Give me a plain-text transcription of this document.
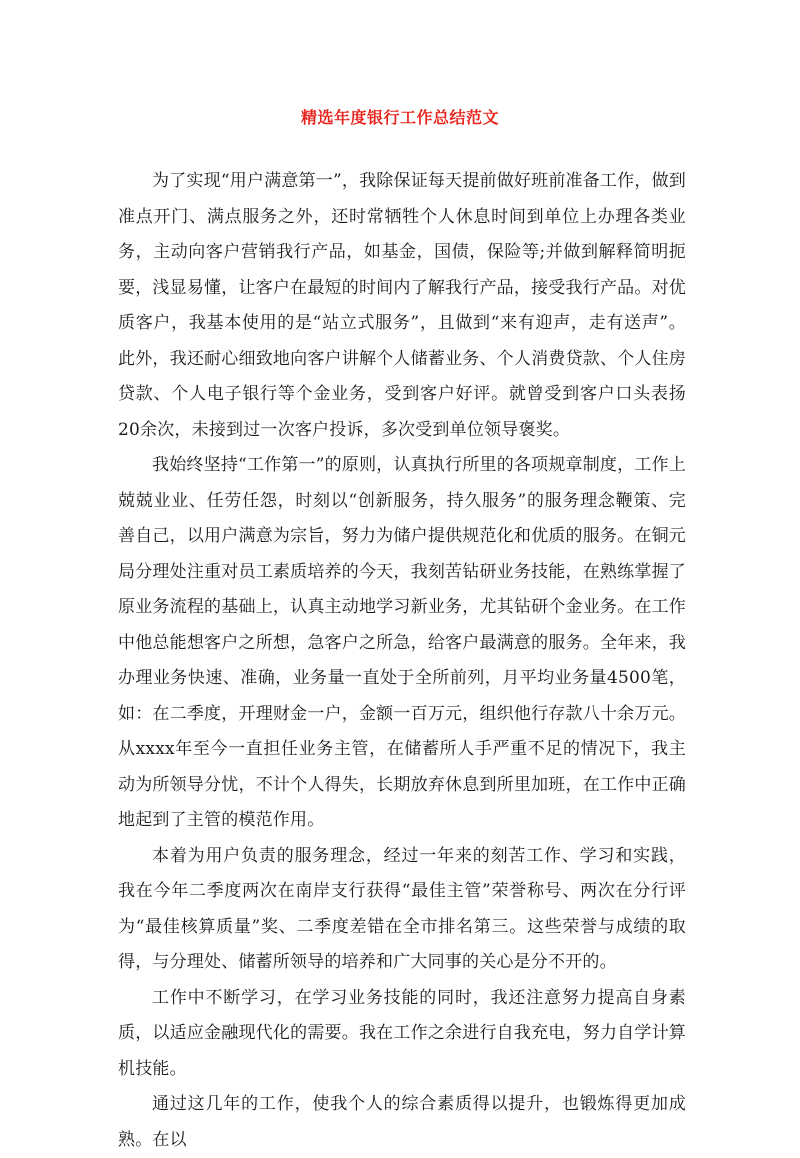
精选年度银行工作总结范文

为了实现“用户满意第一”，我除保证每天提前做好班前准备工作，做到准点开门、满点服务之外，还时常牺牲个人休息时间到单位上办理各类业务，主动向客户营销我行产品，如基金，国债，保险等;并做到解释简明扼要，浅显易懂，让客户在最短的时间内了解我行产品，接受我行产品。对优质客户，我基本使用的是“站立式服务”，且做到“来有迎声，走有送声”。此外，我还耐心细致地向客户讲解个人储蓄业务、个人消费贷款、个人住房贷款、个人电子银行等个金业务，受到客户好评。就曾受到客户口头表扬20余次，未接到过一次客户投诉，多次受到单位领导褒奖。

我始终坚持“工作第一”的原则，认真执行所里的各项规章制度，工作上兢兢业业、任劳任怨，时刻以“创新服务，持久服务”的服务理念鞭策、完善自己，以用户满意为宗旨，努力为储户提供规范化和优质的服务。在铜元局分理处注重对员工素质培养的今天，我刻苦钻研业务技能，在熟练掌握了原业务流程的基础上，认真主动地学习新业务，尤其钻研个金业务。在工作中他总能想客户之所想，急客户之所急，给客户最满意的服务。全年来，我办理业务快速、准确，业务量一直处于全所前列，月平均业务量4500笔，如：在二季度，开理财金一户，金额一百万元，组织他行存款八十余万元。从xxxx年至今一直担任业务主管，在储蓄所人手严重不足的情况下，我主动为所领导分忧，不计个人得失，长期放弃休息到所里加班，在工作中正确地起到了主管的模范作用。

本着为用户负责的服务理念，经过一年来的刻苦工作、学习和实践， 我在今年二季度两次在南岸支行获得“最佳主管”荣誉称号、两次在分行评为“最佳核算质量”奖、二季度差错在全市排名第三。这些荣誉与成绩的取得，与分理处、储蓄所领导的培养和广大同事的关心是分不开的。

工作中不断学习，在学习业务技能的同时，我还注意努力提高自身素质，以适应金融现代化的需要。我在工作之余进行自我充电，努力自学计算机技能。

通过这几年的工作，使我个人的综合素质得以提升，也锻炼得更加成熟。在以
